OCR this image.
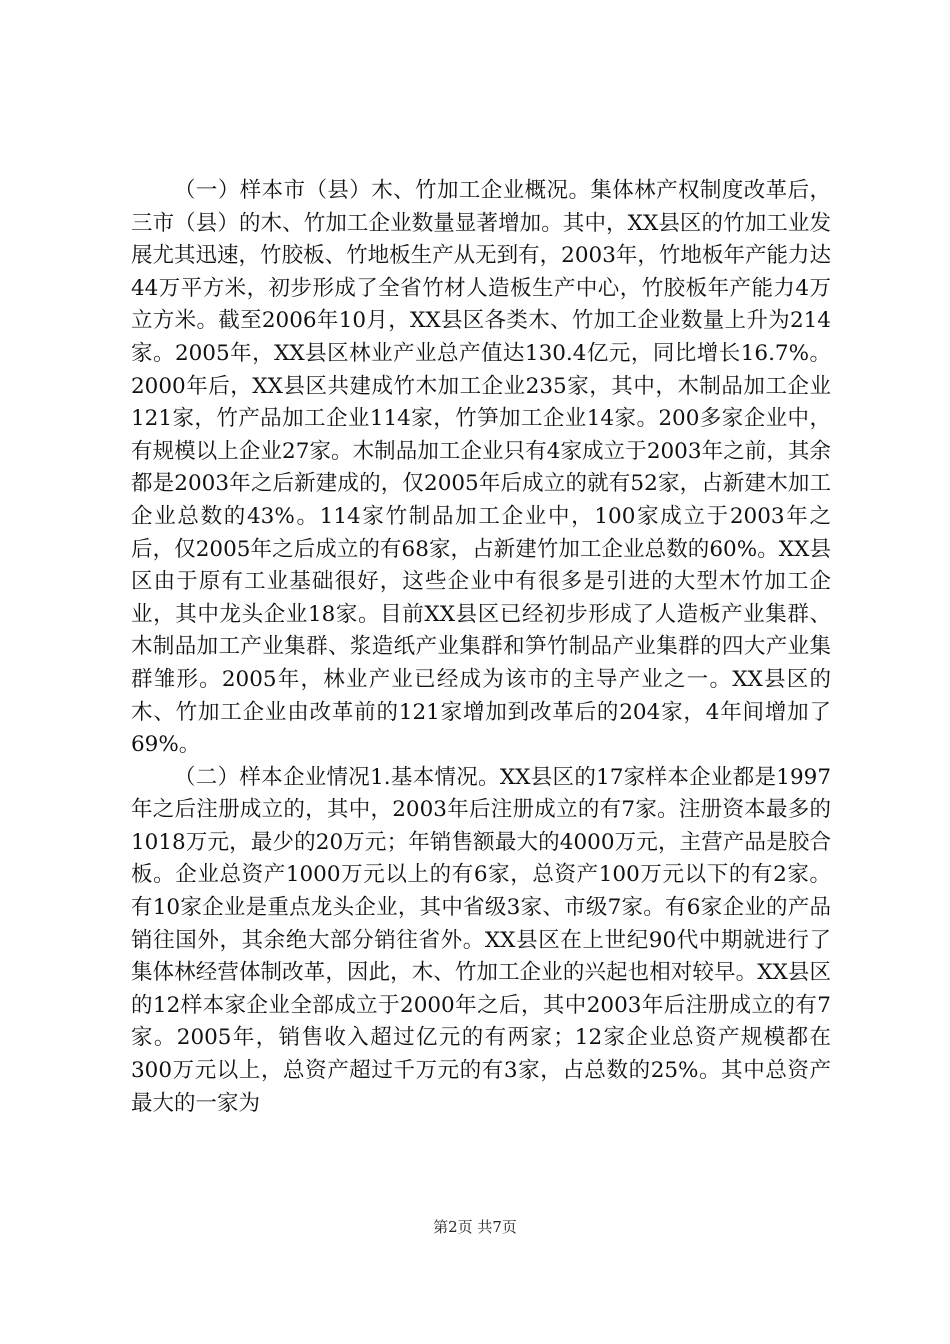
（一）样本市（县）木、竹加工企业概况。集体林产权制度改革后，三市（县）的木、竹加工企业数量显著增加。其中，XX县区的竹加工业发展尤其迅速，竹胶板、竹地板生产从无到有，2003年，竹地板年产能力达44万平方米，初步形成了全省竹材人造板生产中心，竹胶板年产能力4万立方米。截至2006年10月，XX县区各类木、竹加工企业数量上升为214家。2005年，XX县区林业产业总产值达130.4亿元，同比增长16.7%。2000年后，XX县区共建成竹木加工企业235家，其中，木制品加工企业121家，竹产品加工企业114家，竹笋加工企业14家。200多家企业中，有规模以上企业27家。木制品加工企业只有4家成立于2003年之前，其余都是2003年之后新建成的，仅2005年后成立的就有52家，占新建木加工企业总数的43%。114家竹制品加工企业中，100家成立于2003年之后，仅2005年之后成立的有68家，占新建竹加工企业总数的60%。XX县区由于原有工业基础很好，这些企业中有很多是引进的大型木竹加工企业，其中龙头企业18家。目前XX县区已经初步形成了人造板产业集群、木制品加工产业集群、浆造纸产业集群和笋竹制品产业集群的四大产业集群雏形。2005年，林业产业已经成为该市的主导产业之一。XX县区的木、竹加工企业由改革前的121家增加到改革后的204家，4年间增加了69%。

（二）样本企业情况1.基本情况。XX县区的17家样本企业都是1997年之后注册成立的，其中，2003年后注册成立的有7家。注册资本最多的1018万元，最少的20万元；年销售额最大的4000万元，主营产品是胶合板。企业总资产1000万元以上的有6家，总资产100万元以下的有2家。有10家企业是重点龙头企业，其中省级3家、市级7家。有6家企业的产品销往国外，其余绝大部分销往省外。XX县区在上世纪90代中期就进行了集体林经营体制改革，因此，木、竹加工企业的兴起也相对较早。XX县区的12样本家企业全部成立于2000年之后，其中2003年后注册成立的有7家。2005年，销售收入超过亿元的有两家；12家企业总资产规模都在300万元以上，总资产超过千万元的有3家，占总数的25%。其中总资产最大的一家为

第2页 共7页
